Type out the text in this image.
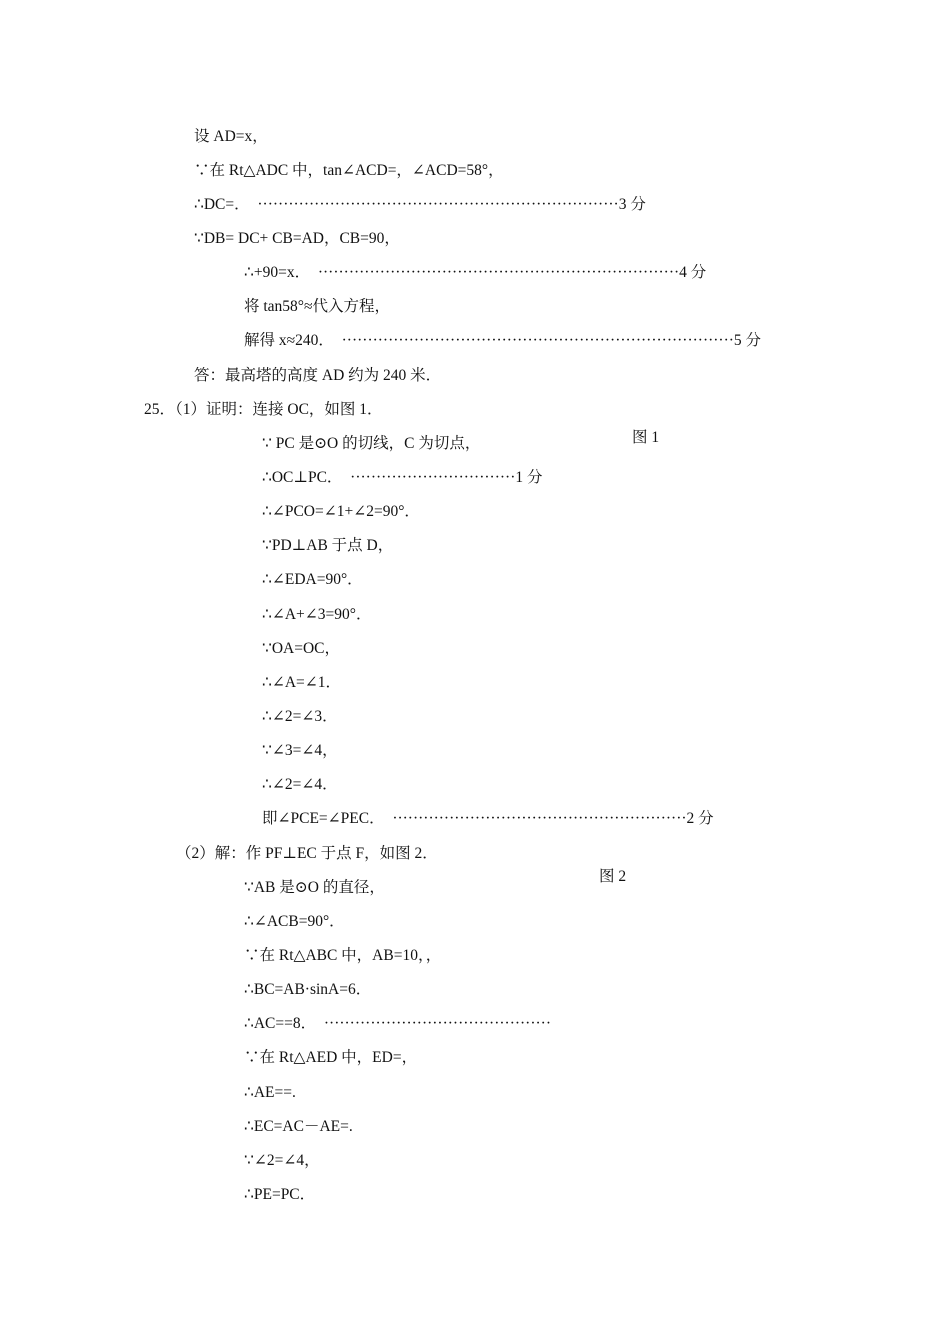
设 AD=x，
∵在 Rt△ADC 中，tan∠ACD=，∠ACD=58°，
∴DC=．  ······································································3 分
∵DB= DC+ CB=AD，CB=90，
∴+90=x．  ······································································4 分
将 tan58°≈代入方程，
解得 x≈240．  ············································································5 分
答：最高塔的高度 AD 约为 240 米．
25．（1）证明：连接 OC，如图 1．
∵ PC 是⊙O 的切线，C 为切点，
∴OC⊥PC．  ································1 分
∴∠PCO=∠1+∠2=90°．
∵PD⊥AB 于点 D，
∴∠EDA=90°．
∴∠A+∠3=90°．
∵OA=OC，
∴∠A=∠1．
∴∠2=∠3．
∵∠3=∠4，
∴∠2=∠4．
即∠PCE=∠PEC．  ·························································2 分
（2）解：作 PF⊥EC 于点 F，如图 2．
∵AB 是⊙O 的直径，
∴∠ACB=90°．
∵在 Rt△ABC 中，AB=10，，
∴BC=AB·sinA=6．
∴AC==8．  ············································
∵在 Rt△AED 中，ED=，
∴AE==.
∴EC=AC－AE=.
∵∠2=∠4，
∴PE=PC．
图 1
图 2
